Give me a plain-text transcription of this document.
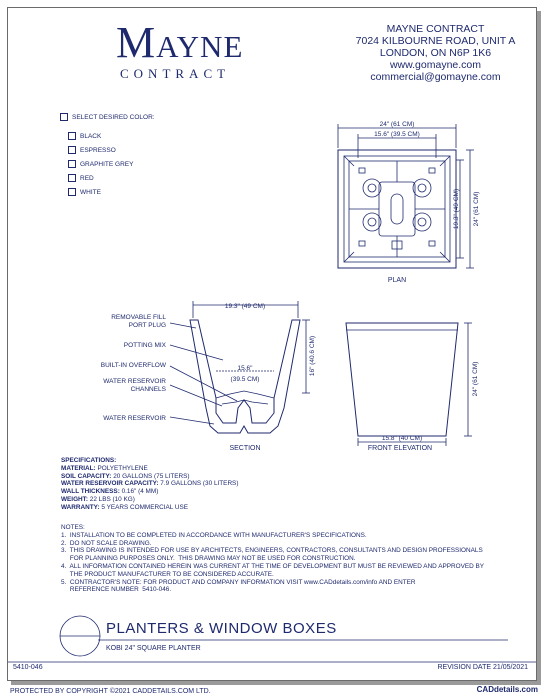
Mayne
CONTRACT
MAYNE CONTRACT
7024 KILBOURNE ROAD, UNIT A
LONDON, ON N6P 1K6
www.gomayne.com
commercial@gomayne.com
SELECT DESIRED COLOR:
BLACK
ESPRESSO
GRAPHITE GREY
RED
WHITE
24" (61 CM)
15.6" (39.5 CM)
19.3" (49 CM) 24" (61 CM)
PLAN
19.3" (49 CM)
15.6"
(39.5 CM)
16" (40.6 CM)
REMOVABLE FILL
PORT PLUG
POTTING MIX
BUILT-IN OVERFLOW
WATER RESERVOIR
CHANNELS
WATER RESERVOIR
SECTION
24" (61 CM)
15.8" (40 CM)
FRONT ELEVATION
SPECIFICATIONS:
MATERIAL: POLYETHYLENE
SOIL CAPACITY: 20 GALLONS (75 LITERS)
WATER RESERVOIR CAPACITY: 7.9 GALLONS (30 LITERS)
WALL THICKNESS: 0.16" (4 MM)
WEIGHT: 22 LBS (10 KG)
WARRANTY: 5 YEARS COMMERCIAL USE
NOTES:
1.  INSTALLATION TO BE COMPLETED IN ACCORDANCE WITH MANUFACTURER'S SPECIFICATIONS.
2.  DO NOT SCALE DRAWING.
3.  THIS DRAWING IS INTENDED FOR USE BY ARCHITECTS, ENGINEERS, CONTRACTORS, CONSULTANTS AND DESIGN PROFESSIONALS
FOR PLANNING PURPOSES ONLY.  THIS DRAWING MAY NOT BE USED FOR CONSTRUCTION.
4.  ALL INFORMATION CONTAINED HEREIN WAS CURRENT AT THE TIME OF DEVELOPMENT BUT MUST BE REVIEWED AND APPROVED BY
THE PRODUCT MANUFACTURER TO BE CONSIDERED ACCURATE.
5.  CONTRACTOR'S NOTE: FOR PRODUCT AND COMPANY INFORMATION VISIT www.CADdetails.com/info AND ENTER
REFERENCE NUMBER  5410-046.
PLANTERS & WINDOW BOXES
KOBI 24" SQUARE PLANTER
5410-046	REVISION DATE 21/05/2021
PROTECTED BY COPYRIGHT ©2021 CADDETAILS.COM LTD.	CADdetails.com
